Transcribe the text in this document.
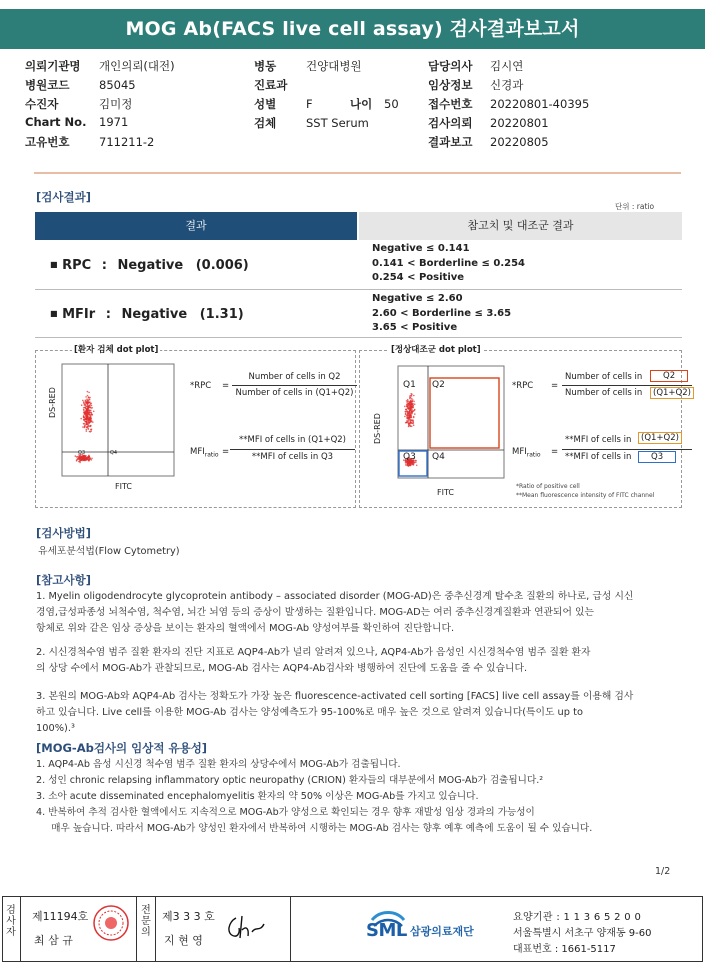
MOG Ab(FACS live cell assay) 검사결과보고서
의뢰기관명 개인의뢰(대전)
병원코드	85045
수진자	김미정
Chart No. 1971
고유번호	711211-2
병동	건양대병원
진료과
성별	F	나이 50
검체	SST Serum
담당의사 김시연
임상정보 신경과
접수번호 20220801-40395
검사의뢰 20220801
결과보고 20220805
[검사결과]
단위 : ratio
결과	참고치 및 대조군 결과
■ RPC : Negative (0.006)
Negative ≤ 0.141
0.141 < Borderline ≤ 0.254
0.254 < Positive
■ MFIr : Negative (1.31)
Negative ≤ 2.60
2.60 < Borderline ≤ 3.65
3.65 < Positive
[환자 검체 dot plot]	[정상대조군 dot plot]
DS-RED
FITC
Q3	Q4
*RPC =
Number of cells in Q2
Number of cells in (Q1+Q2)
$MFI_{ratio}$ =
**MFI of cells in (Q1+Q2)
**MFI of cells in Q3
DS-RED
FITC
Q1 Q2
Q3 Q4
*RPC =
Number of cells in	Q2
Number of cells in	(Q1+Q2)
$MFI_{ratio}$ =
**MFI of cells in	(Q1+Q2)
**MFI of cells in	Q3
*Ratio of positive cell
**Mean fluorescence intensity of FITC channel
[검사방법]
유세포분석법(Flow Cytometry)
[참고사항]
1. Myelin oligodendrocyte glycoprotein antibody – associated disorder (MOG-AD)은 중추신경계 탈수초 질환의 하나로, 급성 시신
경염,급성파종성 뇌척수염, 척수염, 뇌간 뇌염 등의 증상이 발생하는 질환입니다. MOG-AD는 여러 중추신경계질환과 연관되어 있는
항체로 위와 같은 임상 증상을 보이는 환자의 혈액에서 MOG-Ab 양성여부를 확인하여 진단합니다.
2. 시신경척수염 범주 질환 환자의 진단 지표로 AQP4-Ab가 널리 알려져 있으나, AQP4-Ab가 음성인 시신경척수염 범주 질환 환자
의 상당 수에서 MOG-Ab가 관찰되므로, MOG-Ab 검사는 AQP4-Ab검사와 병행하여 진단에 도움을 줄 수 있습니다.
3. 본원의 MOG-Ab와 AQP4-Ab 검사는 정확도가 가장 높은 fluorescence-activated cell sorting [FACS] live cell assay를 이용해 검사
하고 있습니다. Live cell를 이용한 MOG-Ab 검사는 양성예측도가 95-100%로 매우 높은 것으로 알려져 있습니다(특이도 up to
100%).³
[MOG-Ab검사의 임상적 유용성]
1. AQP4-Ab 음성 시신경 척수염 범주 질환 환자의 상당수에서 MOG-Ab가 검출됩니다.
2. 성인 chronic relapsing inflammatory optic neuropathy (CRION) 환자들의 대부분에서 MOG-Ab가 검출됩니다.²
3. 소아 acute disseminated encephalomyelitis 환자의 약 50% 이상은 MOG-Ab를 가지고 있습니다.
4. 반복하여 추적 검사한 혈액에서도 지속적으로 MOG-Ab가 양성으로 확인되는 경우 향후 재발성 임상 경과의 가능성이
매우 높습니다. 따라서 MOG-Ab가 양성인 환자에서 반복하여 시행하는 MOG-Ab 검사는 향후 예후 예측에 도움이 될 수 있습니다.
1/2
검
사
자
제11194호
최 삼 규
전
문
의
제3 3 3 호
지 현 영	SML 삼광의료재단
요양기관 : 1 1 3 6 5 2 0 0
서울특별시 서초구 양재동 9-60
대표번호 : 1661-5117
